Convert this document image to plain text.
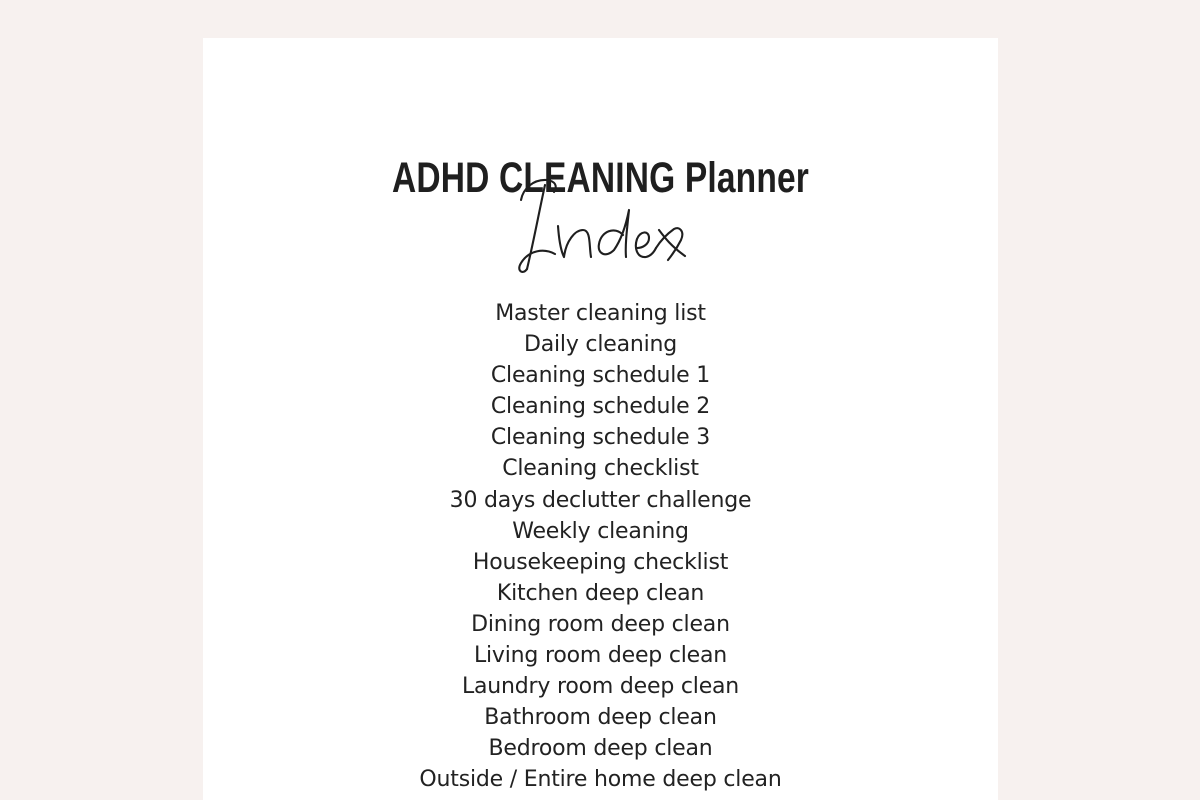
ADHD CLEANING Planner
Master cleaning list
Daily cleaning
Cleaning schedule 1
Cleaning schedule 2
Cleaning schedule 3
Cleaning checklist
30 days declutter challenge
Weekly cleaning
Housekeeping checklist
Kitchen deep clean
Dining room deep clean
Living room deep clean
Laundry room deep clean
Bathroom deep clean
Bedroom deep clean
Outside / Entire home deep clean
